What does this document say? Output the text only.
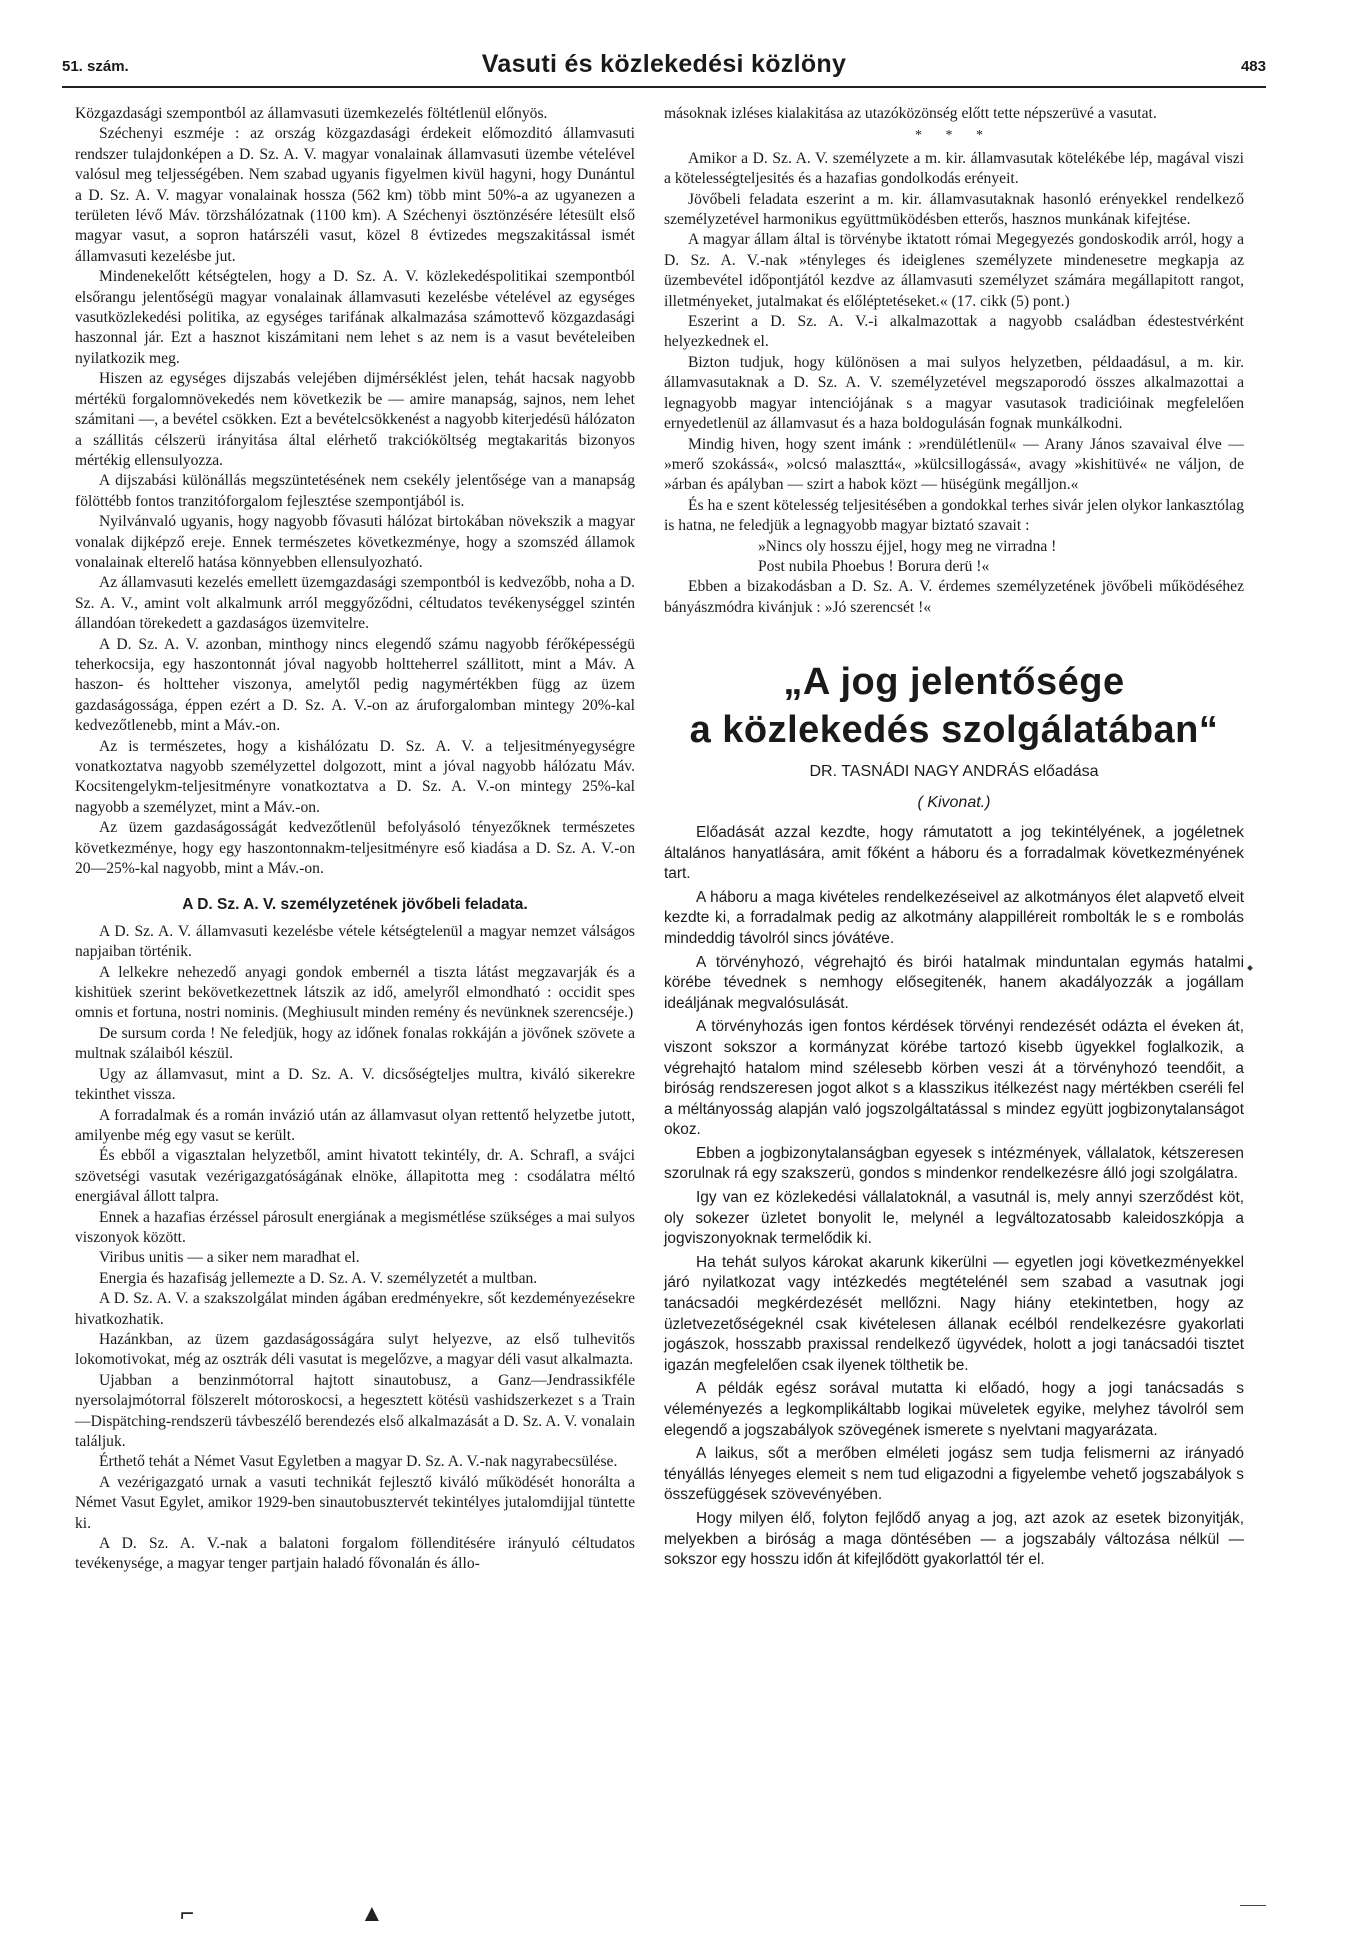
51. szám.	Vasuti és közlekedési közlöny	483

Közgazdasági szempontból az államvasuti üzemkezelés föltétlenül előnyös.

Széchenyi eszméje : az ország közgazdasági érdekeit előmozditó államvasuti rendszer tulajdonképen a D. Sz. A. V. magyar vonalainak államvasuti üzembe vételével valósul meg teljességében. Nem szabad ugyanis figyelmen kivül hagyni, hogy Dunántul a D. Sz. A. V. magyar vonalainak hossza (562 km) több mint 50%-a az ugyanezen a területen lévő Máv. törzshálózatnak (1100 km). A Széchenyi ösztönzésére létesült első magyar vasut, a sopron határszéli vasut, közel 8 évtizedes megszakitással ismét államvasuti kezelésbe jut.

Mindenekelőtt kétségtelen, hogy a D. Sz. A. V. közlekedéspolitikai szempontból elsőrangu jelentőségü magyar vonalainak államvasuti kezelésbe vételével az egységes vasutközlekedési politika, az egységes tarifának alkalmazása számottevő közgazdasági haszonnal jár. Ezt a hasznot kiszámitani nem lehet s az nem is a vasut bevételeiben nyilatkozik meg.

Hiszen az egységes dijszabás velejében dijmérséklést jelen, tehát hacsak nagyobb mértékü forgalomnövekedés nem következik be — amire manapság, sajnos, nem lehet számitani —, a bevétel csökken. Ezt a bevételcsökkenést a nagyobb kiterjedésü hálózaton a szállitás célszerü irányitása által elérhető trakcióköltség megtakaritás bizonyos mértékig ellensulyozza.

A dijszabási különállás megszüntetésének nem csekély jelentősége van a manapság fölöttébb fontos tranzitóforgalom fejlesztése szempontjából is.

Nyilvánvaló ugyanis, hogy nagyobb fővasuti hálózat birtokában növekszik a magyar vonalak dijképző ereje. Ennek természetes következménye, hogy a szomszéd államok vonalainak elterelő hatása könnyebben ellensulyozható.

Az államvasuti kezelés emellett üzemgazdasági szempontból is kedvezőbb, noha a D. Sz. A. V., amint volt alkalmunk arról meggyőződni, céltudatos tevékenységgel szintén állandóan törekedett a gazdaságos üzemvitelre.

A D. Sz. A. V. azonban, minthogy nincs elegendő számu nagyobb férőképességü teherkocsija, egy haszontonnát jóval nagyobb holtteherrel szállitott, mint a Máv. A haszon- és holtteher viszonya, amelytől pedig nagymértékben függ az üzem gazdaságossága, éppen ezért a D. Sz. A. V.-on az áruforgalomban mintegy 20%-kal kedvezőtlenebb, mint a Máv.-on.

Az is természetes, hogy a kishálózatu D. Sz. A. V. a teljesitményegységre vonatkoztatva nagyobb személyzettel dolgozott, mint a jóval nagyobb hálózatu Máv. Kocsitengelykm-teljesitményre vonatkoztatva a D. Sz. A. V.-on mintegy 25%-kal nagyobb a személyzet, mint a Máv.-on.

Az üzem gazdaságosságát kedvezőtlenül befolyásoló tényezőknek természetes következménye, hogy egy haszontonnakm-teljesitményre eső kiadása a D. Sz. A. V.-on 20—25%-kal nagyobb, mint a Máv.-on.

A D. Sz. A. V. személyzetének jövőbeli feladata.

A D. Sz. A. V. államvasuti kezelésbe vétele kétségtelenül a magyar nemzet válságos napjaiban történik.

A lelkekre nehezedő anyagi gondok embernél a tiszta látást megzavarják és a kishitüek szerint bekövetkezettnek látszik az idő, amelyről elmondható : occidit spes omnis et fortuna, nostri nominis. (Meghiusult minden remény és nevünknek szerencséje.)

De sursum corda ! Ne feledjük, hogy az időnek fonalas rokkáján a jövőnek szövete a multnak szálaiból készül.

Ugy az államvasut, mint a D. Sz. A. V. dicsőségteljes multra, kiváló sikerekre tekinthet vissza.

A forradalmak és a román invázió után az államvasut olyan rettentő helyzetbe jutott, amilyenbe még egy vasut se került.

És ebből a vigasztalan helyzetből, amint hivatott tekintély, dr. A. Schrafl, a svájci szövetségi vasutak vezérigazgatóságának elnöke, állapitotta meg : csodálatra méltó energiával állott talpra.

Ennek a hazafias érzéssel párosult energiának a megismétlése szükséges a mai sulyos viszonyok között.

Viribus unitis — a siker nem maradhat el.

Energia és hazafiság jellemezte a D. Sz. A. V. személyzetét a multban.

A D. Sz. A. V. a szakszolgálat minden ágában eredményekre, sőt kezdeményezésekre hivatkozhatik.

Hazánkban, az üzem gazdaságosságára sulyt helyezve, az első tulhevitős lokomotivokat, még az osztrák déli vasutat is megelőzve, a magyar déli vasut alkalmazta.

Ujabban a benzinmótorral hajtott sinautobusz, a Ganz—Jendrassikféle nyersolajmótorral fölszerelt mótoroskocsi, a hegesztett kötésü vashidszerkezet s a Train—Dispätching-rendszerü távbeszélő berendezés első alkalmazását a D. Sz. A. V. vonalain találjuk.

Érthető tehát a Német Vasut Egyletben a magyar D. Sz. A. V.-nak nagyrabecsülése.

A vezérigazgató urnak a vasuti technikát fejlesztő kiváló működését honorálta a Német Vasut Egylet, amikor 1929-ben sinautobusztervét tekintélyes jutalomdijjal tüntette ki.

A D. Sz. A. V.-nak a balatoni forgalom föllenditésére irányuló céltudatos tevékenysége, a magyar tenger partjain haladó fővonalán és állo-

másoknak izléses kialakitása az utazóközönség előtt tette népszerüvé a vasutat.

* * *

Amikor a D. Sz. A. V. személyzete a m. kir. államvasutak kötelékébe lép, magával viszi a kötelességteljesités és a hazafias gondolkodás erényeit.

Jövőbeli feladata eszerint a m. kir. államvasutaknak hasonló erényekkel rendelkező személyzetével harmonikus együttmüködésben etterős, hasznos munkának kifejtése.

A magyar állam által is törvénybe iktatott római Megegyezés gondoskodik arról, hogy a D. Sz. A. V.-nak »tényleges és ideiglenes személyzete mindenesetre megkapja az üzembevétel időpontjától kezdve az államvasuti személyzet számára megállapitott rangot, illetményeket, jutalmakat és előléptetéseket.« (17. cikk (5) pont.)

Eszerint a D. Sz. A. V.-i alkalmazottak a nagyobb családban édestestvérként helyezkednek el.

Bizton tudjuk, hogy különösen a mai sulyos helyzetben, példaadásul, a m. kir. államvasutaknak a D. Sz. A. V. személyzetével megszaporodó összes alkalmazottai a legnagyobb magyar intenciójának s a magyar vasutasok tradicióinak megfelelően ernyedetlenül az államvasut és a haza boldogulásán fognak munkálkodni.

Mindig hiven, hogy szent imánk : »rendülétlenül« — Arany János szavaival élve — »merő szokássá«, »olcsó malaszttá«, »külcsillogássá«, avagy »kishitüvé« ne váljon, de »árban és apályban — szirt a habok közt — hüségünk megálljon.«

És ha e szent kötelesség teljesitésében a gondokkal terhes sivár jelen olykor lankasztólag is hatna, ne feledjük a legnagyobb magyar biztató szavait :

»Nincs oly hosszu éjjel, hogy meg ne virradna !

Post nubila Phoebus ! Borura derü !«

Ebben a bizakodásban a D. Sz. A. V. érdemes személyzetének jövőbeli működéséhez bányászmódra kivánjuk : »Jó szerencsét !«

„A jog jelentősége
a közlekedés szolgálatában“
DR. TASNÁDI NAGY ANDRÁS előadása
( Kivonat.)

Előadását azzal kezdte, hogy rámutatott a jog tekintélyének, a jogéletnek általános hanyatlására, amit főként a háboru és a forradalmak következményének tart.

A háboru a maga kivételes rendelkezéseivel az alkotmányos élet alapvető elveit kezdte ki, a forradalmak pedig az alkotmány alappilléreit rombolták le s e rombolás mindeddig távolról sincs jóvátéve.

A törvényhozó, végrehajtó és birói hatalmak minduntalan egymás hatalmi körébe tévednek s nemhogy elősegitenék, hanem akadályozzák a jogállam ideáljának megvalósulását.

A törvényhozás igen fontos kérdések törvényi rendezését odázta el éveken át, viszont sokszor a kormányzat körébe tartozó kisebb ügyekkel foglalkozik, a végrehajtó hatalom mind szélesebb körben veszi át a törvényhozó teendőit, a biróság rendszeresen jogot alkot s a klasszikus itélkezést nagy mértékben cseréli fel a méltányosság alapján való jogszolgáltatással s mindez együtt jogbizonytalanságot okoz.

Ebben a jogbizonytalanságban egyesek s intézmények, vállalatok, kétszeresen szorulnak rá egy szakszerü, gondos s mindenkor rendelkezésre álló jogi szolgálatra.

Igy van ez közlekedési vállalatoknál, a vasutnál is, mely annyi szerződést köt, oly sokezer üzletet bonyolit le, melynél a legváltozatosabb kaleidoszkópja a jogviszonyoknak termelődik ki.

Ha tehát sulyos károkat akarunk kikerülni — egyetlen jogi következményekkel járó nyilatkozat vagy intézkedés megtételénél sem szabad a vasutnak jogi tanácsadói megkérdezését mellőzni. Nagy hiány etekintetben, hogy az üzletvezetőségeknél csak kivételesen állanak ecélból rendelkezésre gyakorlati jogászok, hosszabb praxissal rendelkező ügyvédek, holott a jogi tanácsadói tisztet igazán megfelelően csak ilyenek tölthetik be.

A példák egész sorával mutatta ki előadó, hogy a jogi tanácsadás s véleményezés a legkomplikáltabb logikai müveletek egyike, melyhez távolról sem elegendő a jogszabályok szövegének ismerete s nyelvtani magyarázata.

A laikus, sőt a merőben elméleti jogász sem tudja felismerni az irányadó tényállás lényeges elemeit s nem tud eligazodni a figyelembe vehető jogszabályok s összefüggések szövevényében.

Hogy milyen élő, folyton fejlődő anyag a jog, azt azok az esetek bizonyitják, melyekben a biróság a maga döntésében — a jogszabály változása nélkül — sokszor egy hosszu időn át kifejlődött gyakorlattól tér el.

⌐	▲
